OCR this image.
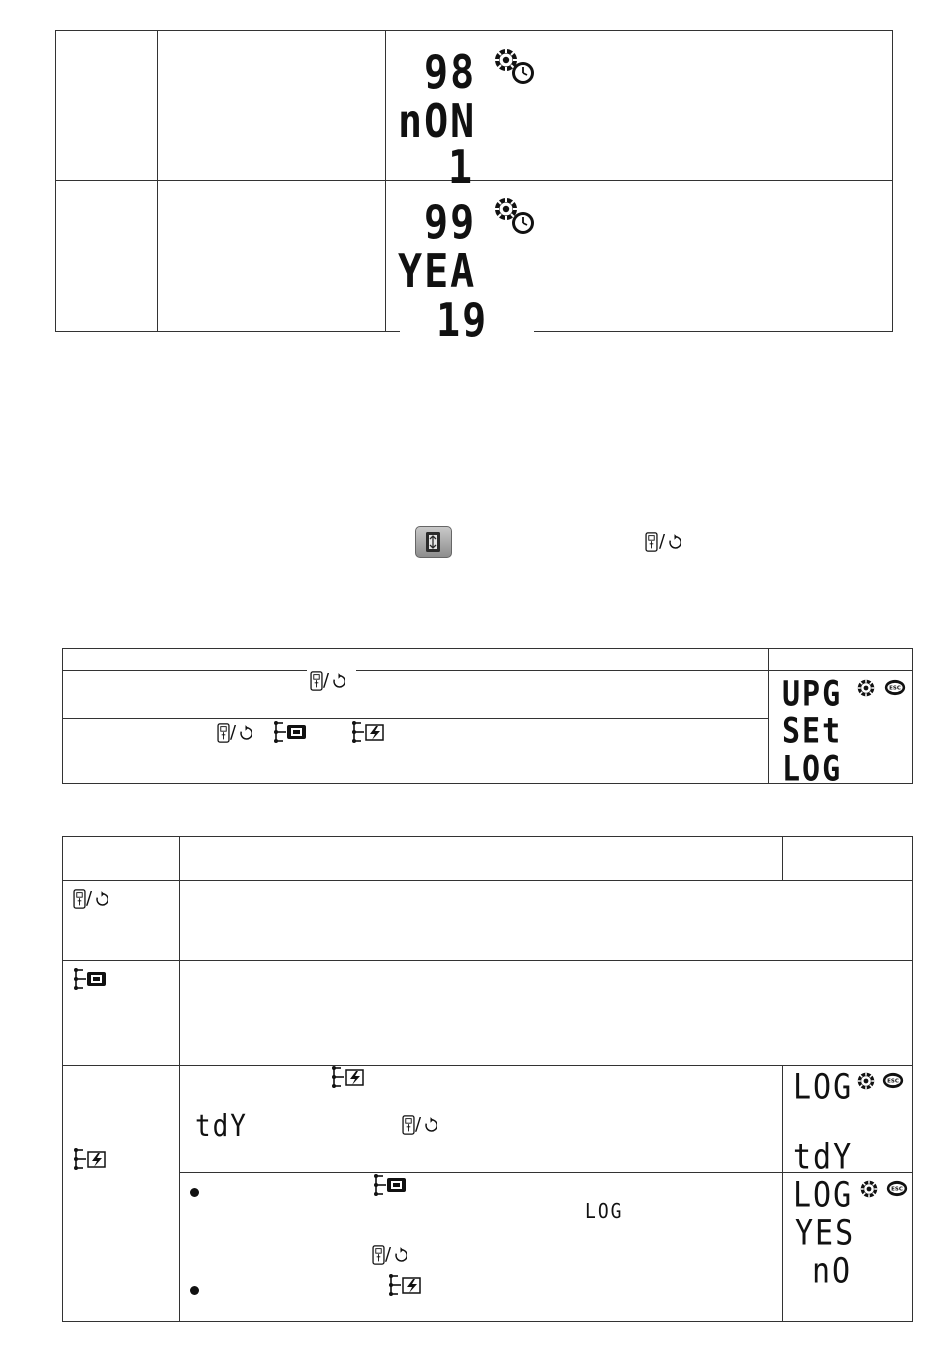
98
nON
1
99
YEA
19
/
/
/
UPG
SEt
LOG
/
tdY	/
LOG
tdY
LOG
/
LOG
YES
nO
